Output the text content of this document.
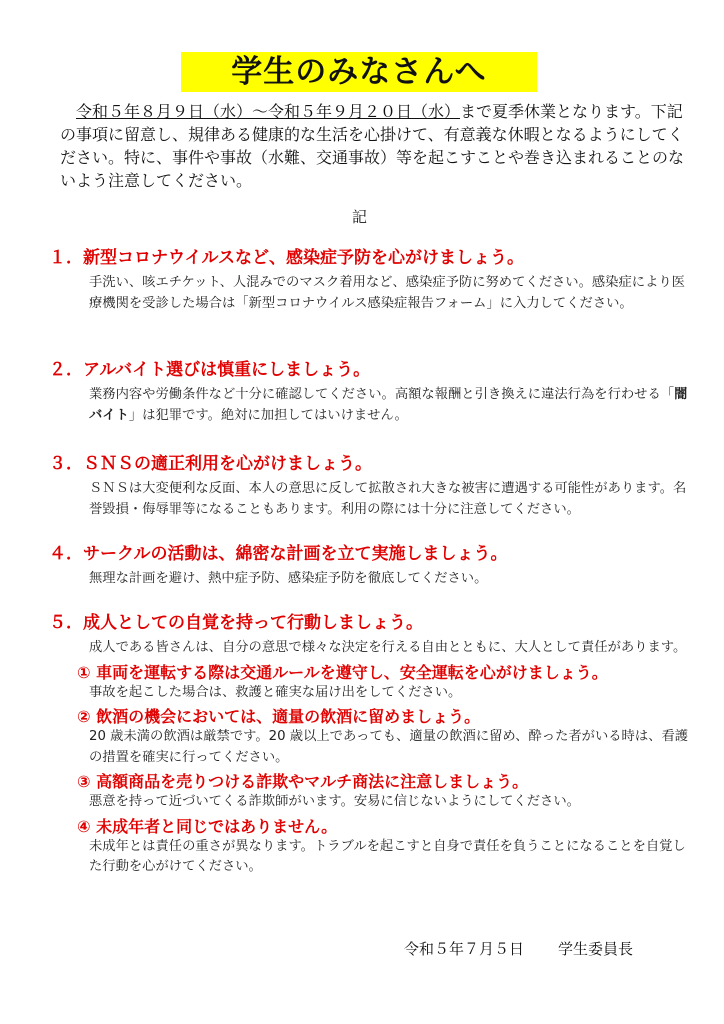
学生のみなさんへ
令和５年８月９日（水）～令和５年９月２０日（水）まで夏季休業となります。下記の事項に留意し、規律ある健康的な生活を心掛けて、有意義な休暇となるようにしてください。特に、事件や事故（水難、交通事故）等を起こすことや巻き込まれることのないよう注意してください。
記
１．新型コロナウイルスなど、感染症予防を心がけましょう。
手洗い、咳エチケット、人混みでのマスク着用など、感染症予防に努めてください。感染症により医療機関を受診した場合は「新型コロナウイルス感染症報告フォーム」に入力してください。
２．アルバイト選びは慎重にしましょう。
業務内容や労働条件など十分に確認してください。高額な報酬と引き換えに違法行為を行わせる「闇バイト」は犯罪です。絶対に加担してはいけません。
３．ＳＮＳの適正利用を心がけましょう。
ＳＮＳは大変便利な反面、本人の意思に反して拡散され大きな被害に遭遇する可能性があります。名誉毀損・侮辱罪等になることもあります。利用の際には十分に注意してください。
４．サークルの活動は、綿密な計画を立て実施しましょう。
無理な計画を避け、熱中症予防、感染症予防を徹底してください。
５．成人としての自覚を持って行動しましょう。
成人である皆さんは、自分の意思で様々な決定を行える自由とともに、大人として責任があります。
① 車両を運転する際は交通ルールを遵守し、安全運転を心がけましょう。
事故を起こした場合は、救護と確実な届け出をしてください。
② 飲酒の機会においては、適量の飲酒に留めましょう。
20 歳未満の飲酒は厳禁です。20 歳以上であっても、適量の飲酒に留め、酔った者がいる時は、看護の措置を確実に行ってください。
③ 高額商品を売りつける詐欺やマルチ商法に注意しましょう。
悪意を持って近づいてくる詐欺師がいます。安易に信じないようにしてください。
④ 未成年者と同じではありません。
未成年とは責任の重さが異なります。トラブルを起こすと自身で責任を負うことになることを自覚した行動を心がけてください。
令和５年７月５日 学生委員長
